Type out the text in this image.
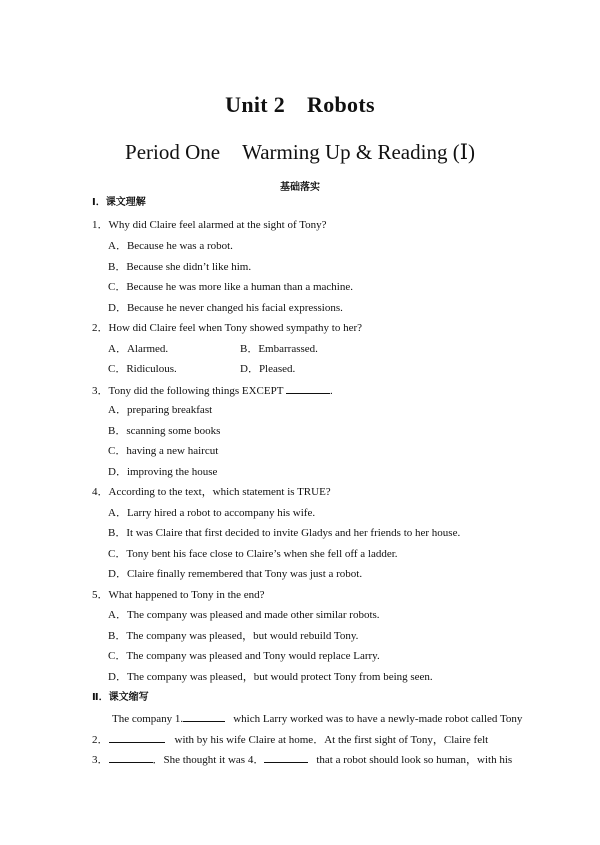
Unit 2 Robots
Period One Warming Up & Reading (Ⅰ)
基础落实
Ⅰ．课文理解
1．Why did Claire feel alarmed at the sight of Tony?
A．Because he was a robot.
B．Because she didn’t like him.
C．Because he was more like a human than a machine.
D．Because he never changed his facial expressions.
2．How did Claire feel when Tony showed sympathy to her?
A．Alarmed.	B．Embarrassed.
C．Ridiculous.	D．Pleased.
3．Tony did the following things EXCEPT	.
A．preparing breakfast
B．scanning some books
C．having a new haircut
D．improving the house
4．According to the text，which statement is TRUE?
A．Larry hired a robot to accompany his wife.
B．It was Claire that first decided to invite Gladys and her friends to her house.
C．Tony bent his face close to Claire’s when she fell off a ladder.
D．Claire finally remembered that Tony was just a robot.
5．What happened to Tony in the end?
A．The company was pleased and made other similar robots.
B．The company was pleased，but would rebuild Tony.
C．The company was pleased and Tony would replace Larry.
D．The company was pleased，but would protect Tony from being seen.
Ⅱ．课文缩写
The company 1.	which Larry worked was to have a newly-made robot called Tony
2．	with by his wife Claire at home．At the first sight of Tony，Claire felt
3．	．She thought it was 4．	that a robot should look so human，with his
